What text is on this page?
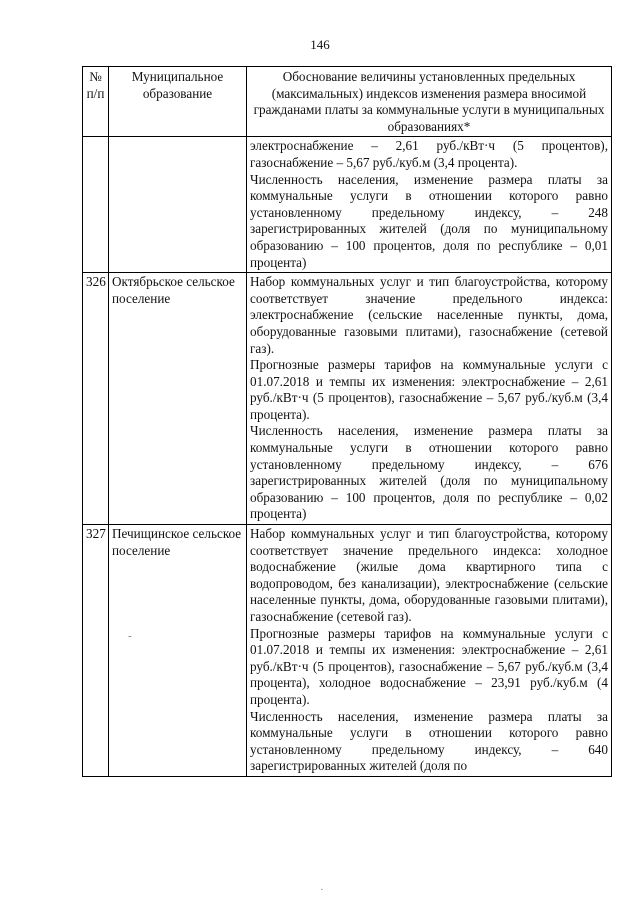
146
№ п/п	Муниципальное образование	Обоснование величины установленных предельных (максимальных) индексов изменения размера вносимой гражданами платы за коммунальные услуги в муниципальных образованиях*

		электроснабжение – 2,61 руб./кВт·ч (5 процентов), газоснабжение – 5,67 руб./куб.м (3,4 процента).
Численность населения, изменение размера платы за коммунальные услуги в отношении которого равно установленному предельному индексу, – 248 зарегистрированных жителей (доля по муниципальному образованию – 100 процентов, доля по республике – 0,01 процента)

326	Октябрьское сельское поселение	Набор коммунальных услуг и тип благоустройства, которому соответствует значение предельного индекса: электроснабжение (сельские населенные пункты, дома, оборудованные газовыми плитами), газоснабжение (сетевой газ).
Прогнозные размеры тарифов на коммунальные услуги с 01.07.2018 и темпы их изменения: электроснабжение – 2,61 руб./кВт·ч (5 процентов), газоснабжение – 5,67 руб./куб.м (3,4 процента).
Численность населения, изменение размера платы за коммунальные услуги в отношении которого равно установленному предельному индексу, – 676 зарегистрированных жителей (доля по муниципальному образованию – 100 процентов, доля по республике – 0,02 процента)

327	Печищинское сельское поселение	Набор коммунальных услуг и тип благоустройства, которому соответствует значение предельного индекса: холодное водоснабжение (жилые дома квартирного типа с водопроводом, без канализации), электроснабжение (сельские населенные пункты, дома, оборудованные газовыми плитами), газоснабжение (сетевой газ).
Прогнозные размеры тарифов на коммунальные услуги с 01.07.2018 и темпы их изменения: электроснабжение – 2,61 руб./кВт·ч (5 процентов), газоснабжение – 5,67 руб./куб.м (3,4 процента), холодное водоснабжение – 23,91 руб./куб.м (4 процента).
Численность населения, изменение размера платы за коммунальные услуги в отношении которого равно установленному предельному индексу, – 640 зарегистрированных жителей (доля по
-
·
